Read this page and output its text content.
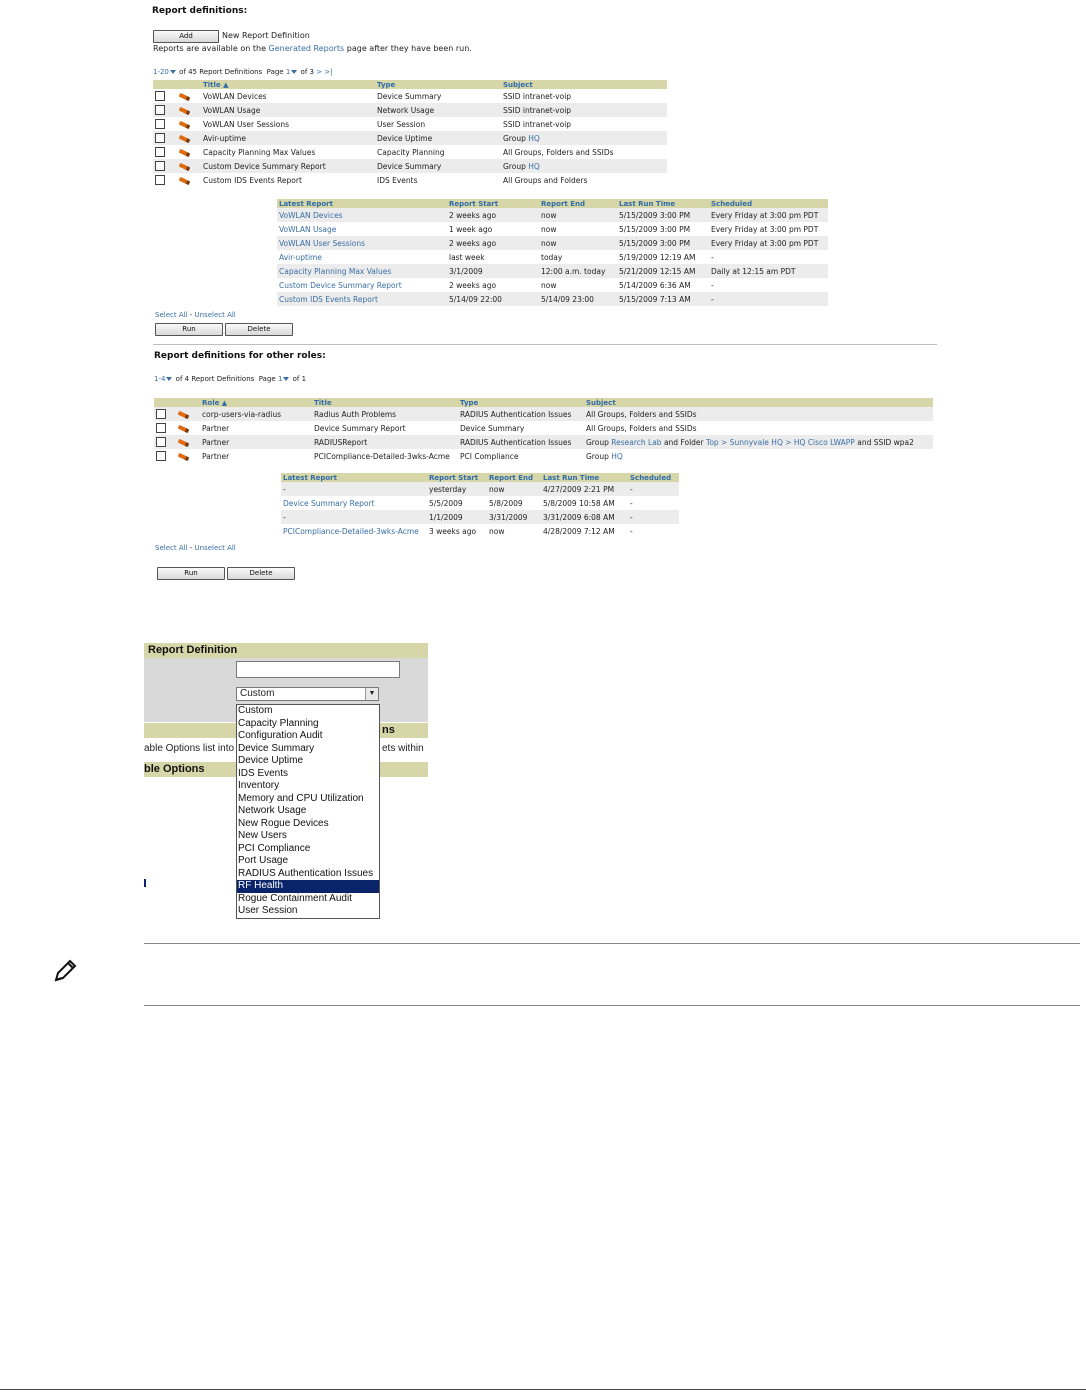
Report definitions:
Add	New Report Definition
Reports are available on the Generated Reports page after they have been run.
1-20 of 45 Report Definitions Page 1 of 3 > >|
		Title ▲	Type	Subject
		VoWLAN Devices	Device Summary	SSID intranet-voip
		VoWLAN Usage	Network Usage	SSID intranet-voip
		VoWLAN User Sessions	User Session	SSID intranet-voip
		Avir-uptime	Device Uptime	Group HQ
		Capacity Planning Max Values	Capacity Planning	All Groups, Folders and SSIDs
		Custom Device Summary Report	Device Summary	Group HQ
		Custom IDS Events Report	IDS Events	All Groups and Folders
Latest Report	Report Start	Report End	Last Run Time	Scheduled
VoWLAN Devices	2 weeks ago	now	5/15/2009 3:00 PM	Every Friday at 3:00 pm PDT
VoWLAN Usage	1 week ago	now	5/15/2009 3:00 PM	Every Friday at 3:00 pm PDT
VoWLAN User Sessions	2 weeks ago	now	5/15/2009 3:00 PM	Every Friday at 3:00 pm PDT
Avir-uptime	last week	today	5/19/2009 12:19 AM	-
Capacity Planning Max Values	3/1/2009	12:00 a.m. today	5/21/2009 12:15 AM	Daily at 12:15 am PDT
Custom Device Summary Report	2 weeks ago	now	5/14/2009 6:36 AM	-
Custom IDS Events Report	5/14/09 22:00	5/14/09 23:00	5/15/2009 7:13 AM	-
Select All - Unselect All
Run	Delete
Report definitions for other roles:
1-4 of 4 Report Definitions Page 1 of 1
		Role ▲	Title	Type	Subject
		corp-users-via-radius	Radius Auth Problems	RADIUS Authentication Issues	All Groups, Folders and SSIDs
		Partner	Device Summary Report	Device Summary	All Groups, Folders and SSIDs
		Partner	RADIUSReport	RADIUS Authentication Issues	Group Research Lab and Folder Top > Sunnyvale HQ > HQ Cisco LWAPP and SSID wpa2
		Partner	PCICompliance-Detailed-3wks-Acme	PCI Compliance	Group HQ
Latest Report	Report Start	Report End	Last Run Time	Scheduled
-	yesterday	now	4/27/2009 2:21 PM	-
Device Summary Report	5/5/2009	5/8/2009	5/8/2009 10:58 AM	-
-	1/1/2009	3/31/2009	3/31/2009 6:08 AM	-
PCICompliance-Detailed-3wks-Acme	3 weeks ago	now	4/28/2009 7:12 AM	-
Select All - Unselect All
Run	Delete
Report Definition
Custom	▼
ns
able Options list into	ets within
ble Options
Custom
Capacity Planning
Configuration Audit
Device Summary
Device Uptime
IDS Events
Inventory
Memory and CPU Utilization
Network Usage
New Rogue Devices
New Users
PCI Compliance
Port Usage
RADIUS Authentication Issues
RF Health
Rogue Containment Audit
User Session
